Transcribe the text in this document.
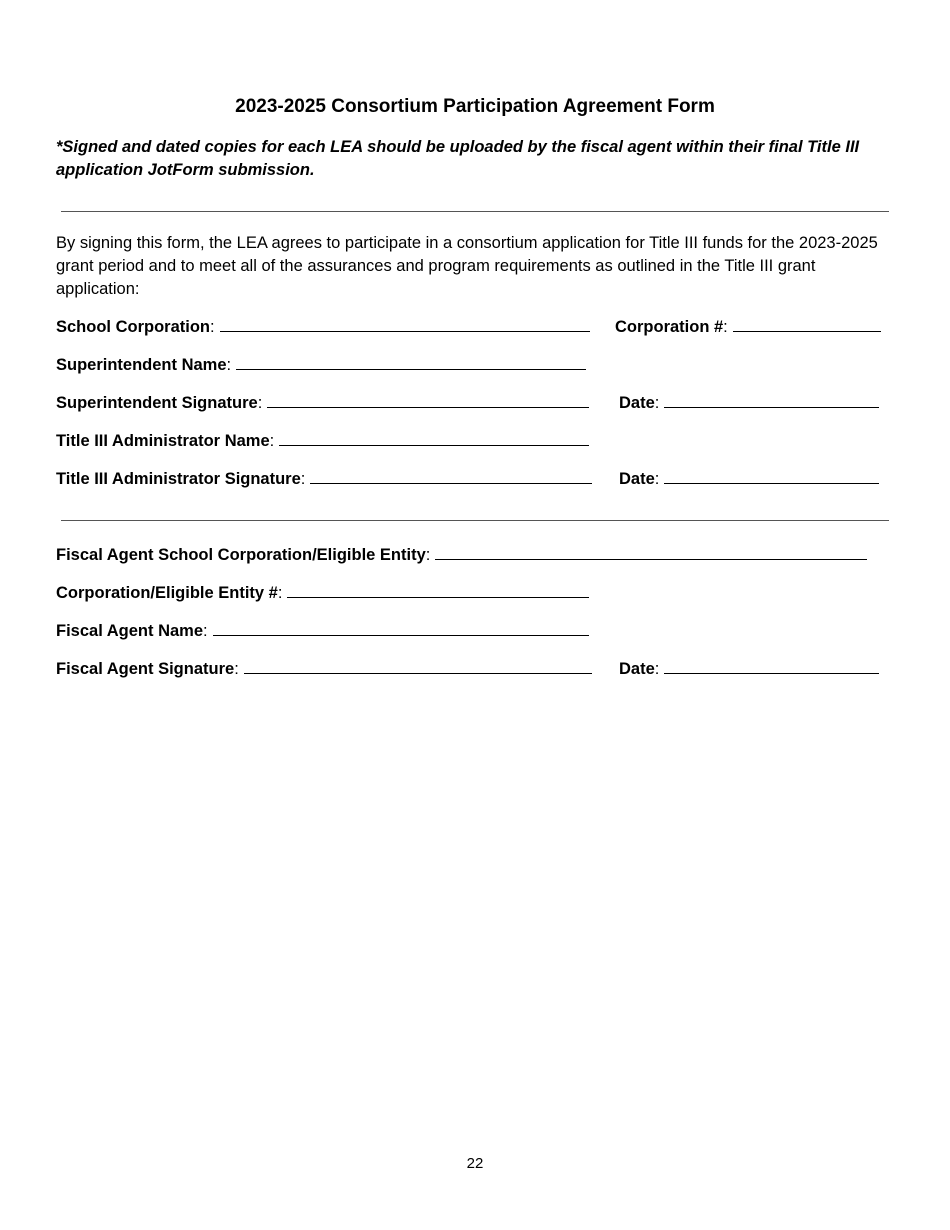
2023-2025 Consortium Participation Agreement Form
*Signed and dated copies for each LEA should be uploaded by the fiscal agent within their final Title III application JotForm submission.
By signing this form, the LEA agrees to participate in a consortium application for Title III funds for the 2023-2025 grant period and to meet all of the assurances and program requirements as outlined in the Title III grant application:
School Corporation:	Corporation #:
Superintendent Name:
Superintendent Signature:	Date:
Title III Administrator Name:
Title III Administrator Signature:	Date:
Fiscal Agent School Corporation/Eligible Entity:
Corporation/Eligible Entity #:
Fiscal Agent Name:
Fiscal Agent Signature:	Date:
22
